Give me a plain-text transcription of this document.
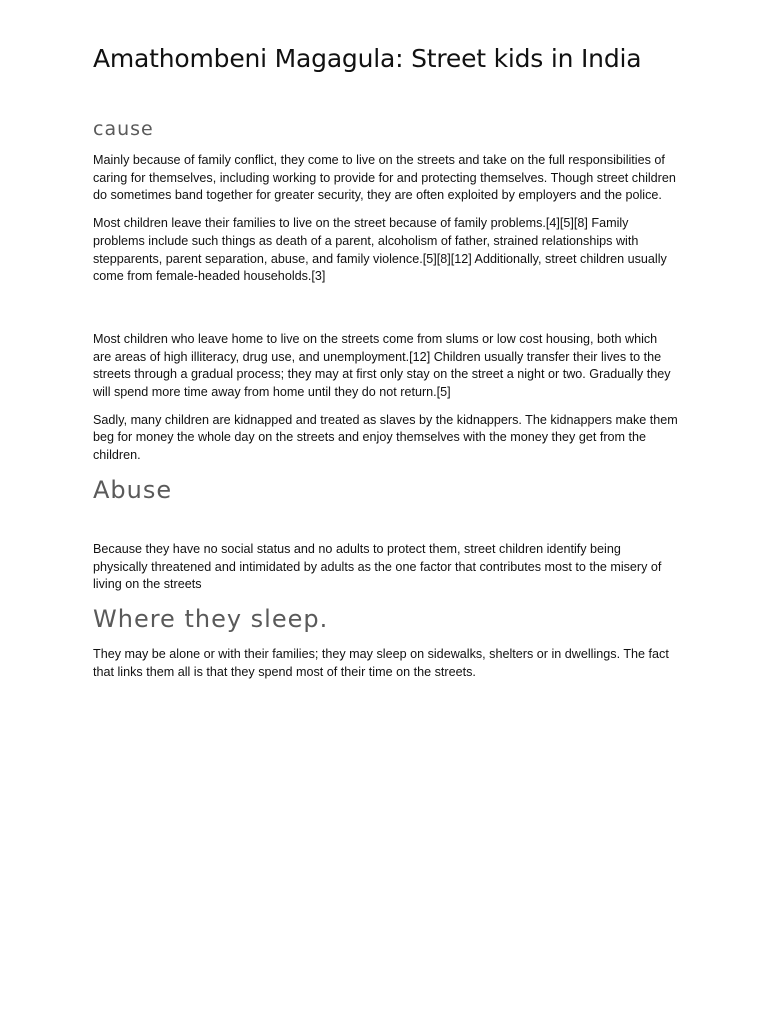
Amathombeni Magagula: Street kids in India
cause

Mainly because of family conflict, they come to live on the streets and take on the full responsibilities of caring for themselves, including working to provide for and protecting themselves. Though street children do sometimes band together for greater security, they are often exploited by employers and the police.

Most children leave their families to live on the street because of family problems.[4][5][8] Family problems include such things as death of a parent, alcoholism of father, strained relationships with stepparents, parent separation, abuse, and family violence.[5][8][12] Additionally, street children usually come from female-headed households.[3]

Most children who leave home to live on the streets come from slums or low cost housing, both which are areas of high illiteracy, drug use, and unemployment.[12] Children usually transfer their lives to the streets through a gradual process; they may at first only stay on the street a night or two. Gradually they will spend more time away from home until they do not return.[5]

Sadly, many children are kidnapped and treated as slaves by the kidnappers. The kidnappers make them beg for money the whole day on the streets and enjoy themselves with the money they get from the children.

Abuse

Because they have no social status and no adults to protect them, street children identify being physically threatened and intimidated by adults as the one factor that contributes most to the misery of living on the streets

Where they sleep.

They may be alone or with their families; they may sleep on sidewalks, shelters or in dwellings. The fact that links them all is that they spend most of their time on the streets.
